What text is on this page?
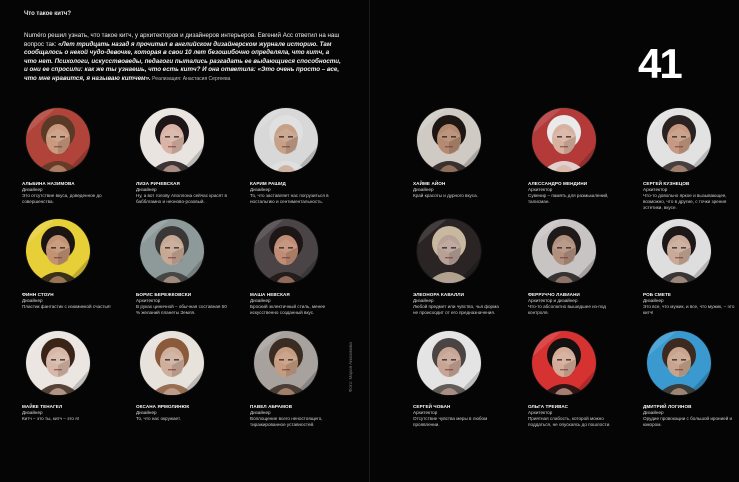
Что такое китч?
Numéro решил узнать, что такое китч, у архитекторов и дизайнеров интерьеров. Евгений Асс ответил на наш вопрос так: «Лет тридцать назад я прочитал в английском дизайнерском журнале историю. Там сообщалось о некой чудо-девочке, которая в свои 10 лет безошибочно определяла, что китч, а что нет. Психологи, искусствоведы, педагоги пытались разгадать ее выдающиеся способности, и они ее спросили: как же ты узнаешь, что есть китч? И она ответила: «Это очень просто – все, что мне нравится, я называю китчем». Реализация: Анастасия Сергеева	41
Фото: Мария Анисимова
АЛЬБИНА НАЗИМОВА
Дизайнер
Это отсутствие вкуса, доведенное до совершенства.
ЛИЗА РИЧЕВСКАЯ
Дизайнер
Ну, а вот голову Аполлона сейчас красят в бабблгамно и неоново-розовый.
КАРИМ РАШИД
Дизайнер
То, что заставляет нас погрузиться в ностальгию и сентиментальность.
ХАЙМЕ АЙОН
Дизайнер
Край красоты и дурного вкуса.
АЛЕССАНДРО МЕНДИНИ
Архитектор
Сувенир – память для размышлений, талисман.
СЕРГЕЙ КУЗНЕЦОВ
Архитектор
Что-то довольно яркое и вызывающее, возможно, что в другие, с точки зрения эстетики, вкусе.
ФИНН СТОУН
Дизайнер
Пластик фантастик с изюминкой счастья!
БОРИС БЕРЕЖКОВСКИ
Архитектор
В руках циничной – обычная составная 50 % желаний планеты Земля.
МАША НЕВСКАЯ
Дизайнер
Броский эклектичный стиль, менее искусственно созданный вкус.
ЭЛЕОНОРА КАВАЛЛИ
Дизайнер
Любой предмет или чувство, чья форма не происходит от его предназначения.
ФЕРРУЧЧО ЛАВИАНИ
Архитектор и дизайнер
Что-то абсолютно вышедшее из-под контроля.
РОБ СМЕТЕ
Дизайнер
Это все, что мужик, и все, что мужик, – это китч!
МАЙКЕ ТЕНАГЕЛ
Дизайнер
Китч – это ты, китч – это я!
ОКСАНА ЯРМОЛИНЮК
Дизайнер
То, что нас окружает.
ПАВЕЛ АБРАМОВ
Дизайнер
Воплощение всего неностоящего, тиражированное уставностей.
СЕРГЕЙ ЧОБАН
Архитектор
Отсутствие чувства меры в любом проявлении.
ОЛЬГА ТРЕИВАС
Архитектор
Приятная слабость, которой можно поддаться, не опускаясь до пошлости.
ДМИТРИЙ ЛОГИНОВ
Дизайнер
Орудие провокации с большой иронией и юмором.
